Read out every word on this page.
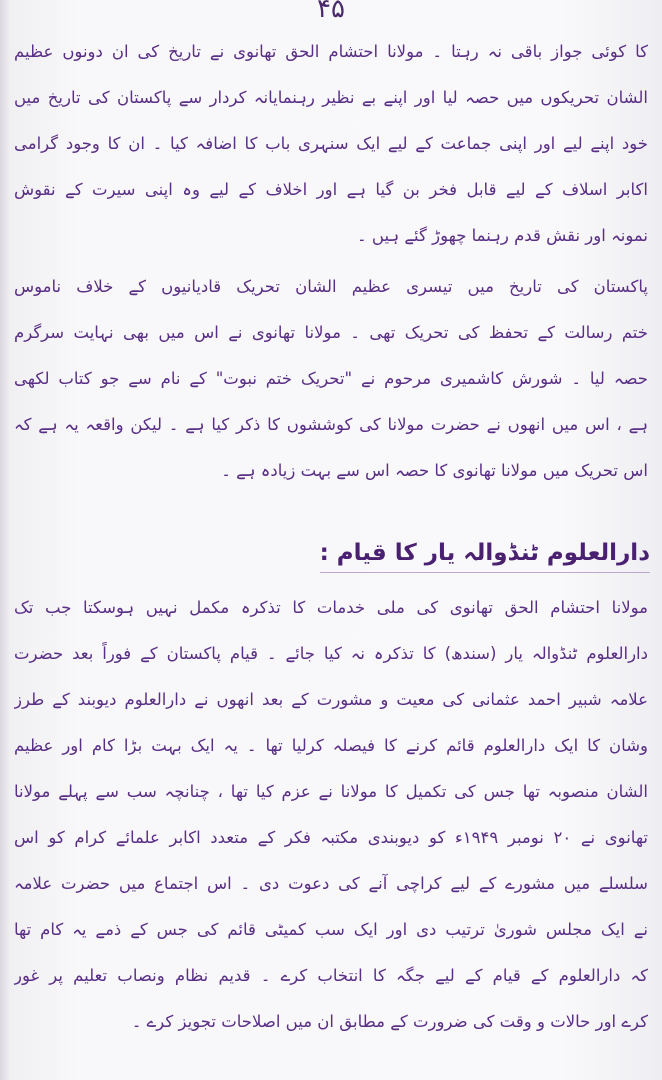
۴۵
کا کوئی جواز باقی نہ رہتا ۔ مولانا احتشام الحق تھانوی نے تاریخ کی ان دونوں عظیم
الشان تحریکوں میں حصہ لیا اور اپنے بے نظیر رہنمایانہ کردار سے پاکستان کی تاریخ میں
خود اپنے لیے اور اپنی جماعت کے لیے ایک سنہری باب کا اضافہ کیا ۔ ان کا وجود گرامی
اکابر اسلاف کے لیے قابل فخر بن گیا ہے اور اخلاف کے لیے وہ اپنی سیرت کے نقوش
نمونہ اور نقش قدم رہنما چھوڑ گئے ہیں ۔
پاکستان کی تاریخ میں تیسری عظیم الشان تحریک قادیانیوں کے خلاف ناموس
ختم رسالت کے تحفظ کی تحریک تھی ۔ مولانا تھانوی نے اس میں بھی نہایت سرگرم
حصہ لیا ۔ شورش کاشمیری مرحوم نے "تحریک ختم نبوت" کے نام سے جو کتاب لکھی
ہے ، اس میں انھوں نے حضرت مولانا کی کوششوں کا ذکر کیا ہے ۔ لیکن واقعہ یہ ہے کہ
اس تحریک میں مولانا تھانوی کا حصہ اس سے بہت زیادہ ہے ۔
دارالعلوم ٹنڈوالہ یار کا قیام :
مولانا احتشام الحق تھانوی کی ملی خدمات کا تذکرہ مکمل نہیں ہوسکتا جب تک
دارالعلوم ٹنڈوالہ یار (سندھ) کا تذکرہ نہ کیا جائے ۔ قیام پاکستان کے فوراً بعد حضرت
علامہ شبیر احمد عثمانی کی معیت و مشورت کے بعد انھوں نے دارالعلوم دیوبند کے طرز
وشان کا ایک دارالعلوم قائم کرنے کا فیصلہ کرلیا تھا ۔ یہ ایک بہت بڑا کام اور عظیم
الشان منصوبہ تھا جس کی تکمیل کا مولانا نے عزم کیا تھا ، چنانچہ سب سے پہلے مولانا
تھانوی نے ۲۰ نومبر ۱۹۴۹ء کو دیوبندی مکتبہ فکر کے متعدد اکابر علمائے کرام کو اس
سلسلے میں مشورے کے لیے کراچی آنے کی دعوت دی ۔ اس اجتماع میں حضرت علامہ
نے ایک مجلس شوریٰ ترتیب دی اور ایک سب کمیٹی قائم کی جس کے ذمے یہ کام تھا
کہ دارالعلوم کے قیام کے لیے جگہ کا انتخاب کرے ۔ قدیم نظام ونصاب تعلیم پر غور
کرے اور حالات و وقت کی ضرورت کے مطابق ان میں اصلاحات تجویز کرے ۔
